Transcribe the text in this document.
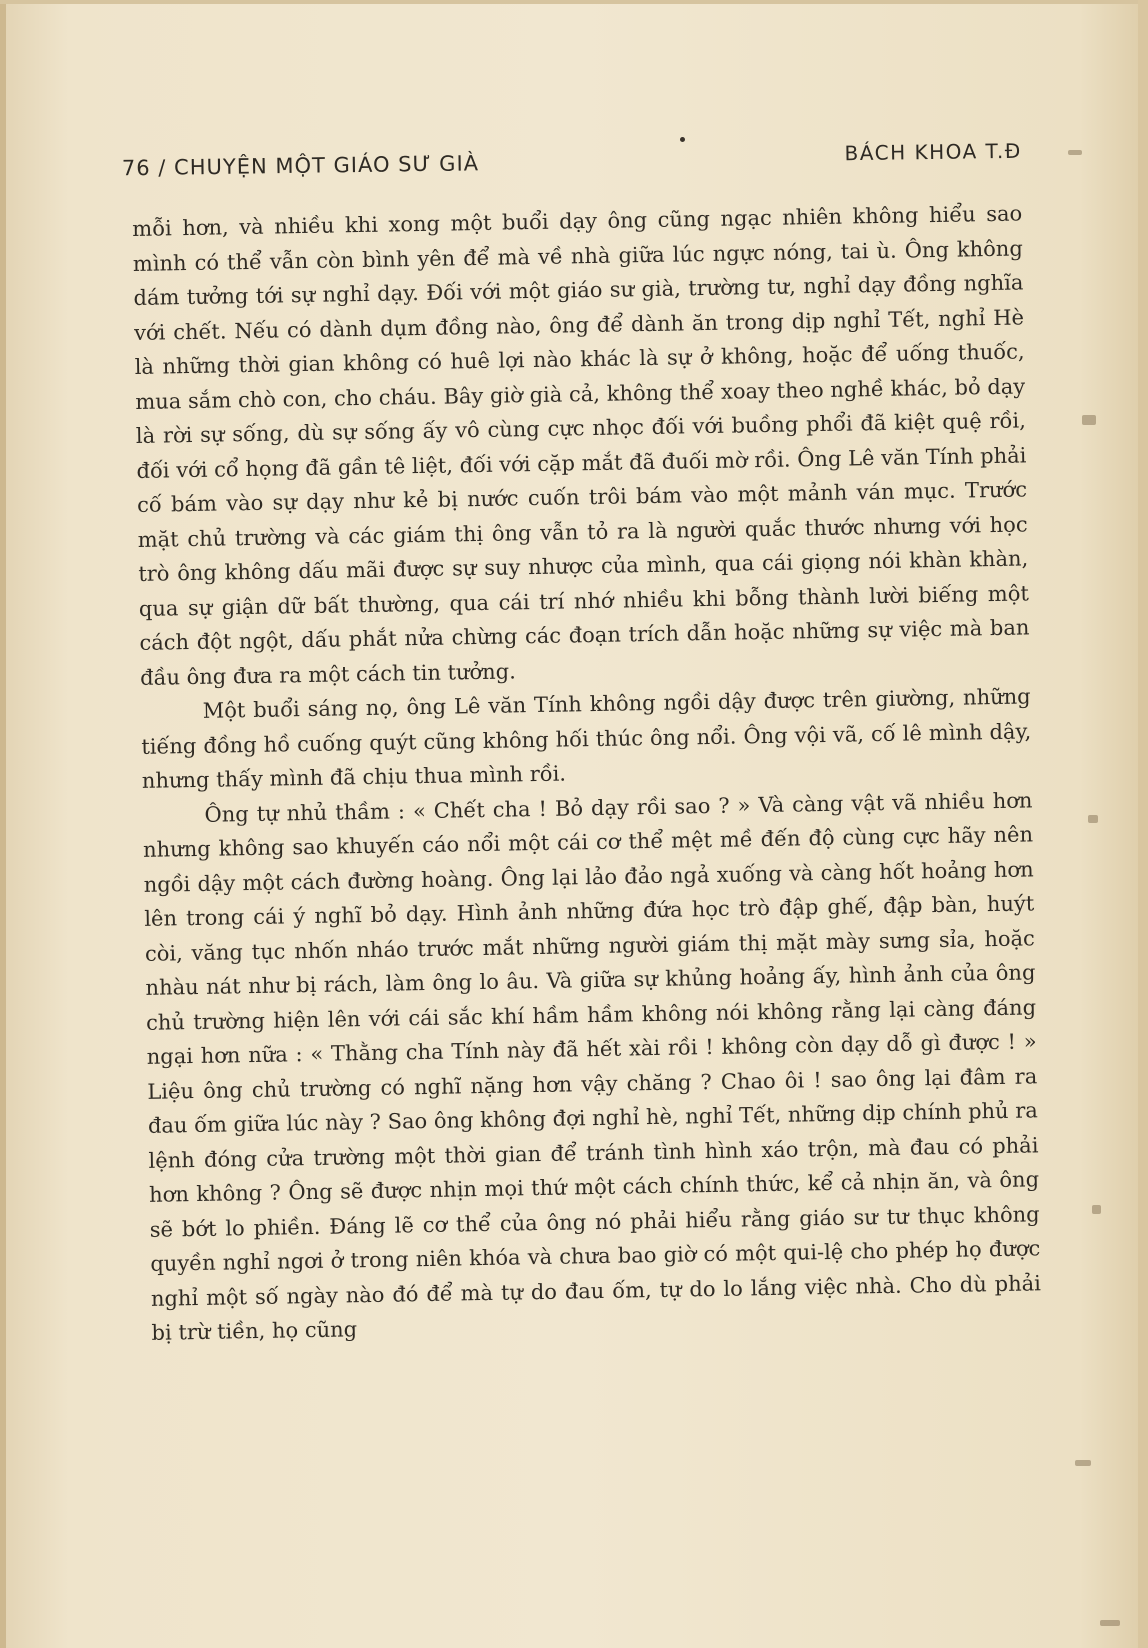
76 / CHUYỆN MỘT GIÁO SƯ GIÀ	BÁCH KHOA T.Đ

mỗi hơn, và nhiều khi xong một buổi dạy ông cũng ngạc nhiên không hiểu sao mình có thể vẫn còn bình yên để mà về nhà giữa lúc ngực nóng, tai ù. Ông không dám tưởng tới sự nghỉ dạy. Đối với một giáo sư già, trường tư, nghỉ dạy đồng nghĩa với chết. Nếu có dành dụm đồng nào, ông để dành ăn trong dịp nghỉ Tết, nghỉ Hè là những thời gian không có huê lợi nào khác là sự ở không, hoặc để uống thuốc, mua sắm chò con, cho cháu. Bây giờ già cả, không thể xoay theo nghề khác, bỏ dạy là rời sự sống, dù sự sống ấy vô cùng cực nhọc đối với buồng phổi đã kiệt quệ rồi, đối với cổ họng đã gần tê liệt, đối với cặp mắt đã đuối mờ rồi. Ông Lê văn Tính phải cố bám vào sự dạy như kẻ bị nước cuốn trôi bám vào một mảnh ván mục. Trước mặt chủ trường và các giám thị ông vẫn tỏ ra là người quắc thước nhưng với học trò ông không dấu mãi được sự suy nhược của mình, qua cái giọng nói khàn khàn, qua sự giận dữ bất thường, qua cái trí nhớ nhiều khi bỗng thành lười biếng một cách đột ngột, dấu phắt nửa chừng các đoạn trích dẫn hoặc những sự việc mà ban đầu ông đưa ra một cách tin tưởng.

Một buổi sáng nọ, ông Lê văn Tính không ngồi dậy được trên giường, những tiếng đồng hồ cuống quýt cũng không hối thúc ông nổi. Ông vội vã, cố lê mình dậy, nhưng thấy mình đã chịu thua mình rồi.

Ông tự nhủ thầm : « Chết cha ! Bỏ dạy rồi sao ? » Và càng vật vã nhiều hơn nhưng không sao khuyến cáo nổi một cái cơ thể mệt mề đến độ cùng cực hãy nên ngồi dậy một cách đường hoàng. Ông lại lảo đảo ngả xuống và càng hốt hoảng hơn lên trong cái ý nghĩ bỏ dạy. Hình ảnh những đứa học trò đập ghế, đập bàn, huýt còi, văng tục nhốn nháo trước mắt những người giám thị mặt mày sưng sỉa, hoặc nhàu nát như bị rách, làm ông lo âu. Và giữa sự khủng hoảng ấy, hình ảnh của ông chủ trường hiện lên với cái sắc khí hầm hầm không nói không rằng lại càng đáng ngại hơn nữa : « Thằng cha Tính này đã hết xài rồi ! không còn dạy dỗ gì được ! » Liệu ông chủ trường có nghĩ nặng hơn vậy chăng ? Chao ôi ! sao ông lại đâm ra đau ốm giữa lúc này ? Sao ông không đợi nghỉ hè, nghỉ Tết, những dịp chính phủ ra lệnh đóng cửa trường một thời gian để tránh tình hình xáo trộn, mà đau có phải hơn không ? Ông sẽ được nhịn mọi thứ một cách chính thức, kể cả nhịn ăn, và ông sẽ bớt lo phiền. Đáng lẽ cơ thể của ông nó phải hiểu rằng giáo sư tư thục không quyền nghỉ ngơi ở trong niên khóa và chưa bao giờ có một qui-lệ cho phép họ được nghỉ một số ngày nào đó để mà tự do đau ốm, tự do lo lắng việc nhà. Cho dù phải bị trừ tiền, họ cũng
